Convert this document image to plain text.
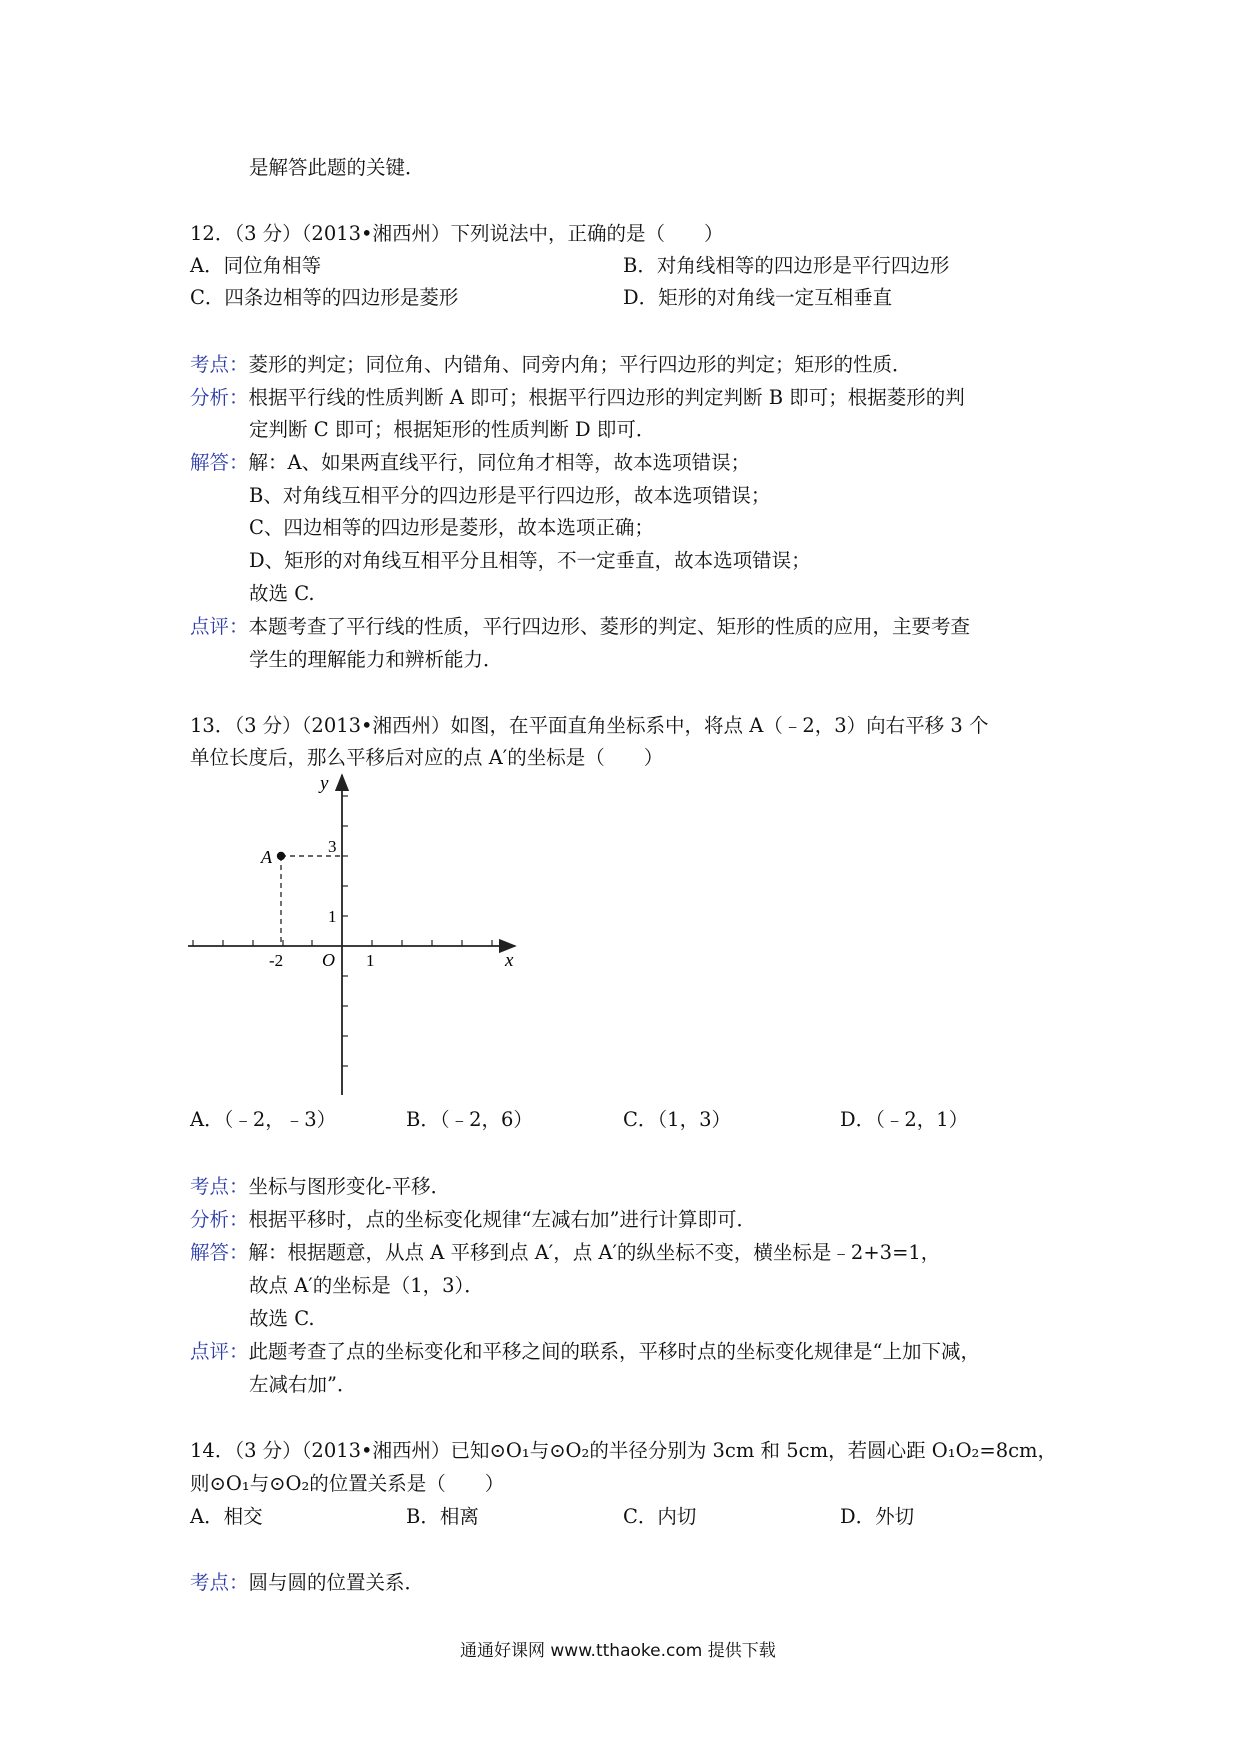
是解答此题的关键．
12．（3 分）（2013•湘西州）下列说法中，正确的是（　　）
A．同位角相等	B．对角线相等的四边形是平行四边形
C．四条边相等的四边形是菱形	D．矩形的对角线一定互相垂直
考点：菱形的判定；同位角、内错角、同旁内角；平行四边形的判定；矩形的性质．
分析：根据平行线的性质判断 A 即可；根据平行四边形的判定判断 B 即可；根据菱形的判
定判断 C 即可；根据矩形的性质判断 D 即可．
解答：解：A、如果两直线平行，同位角才相等，故本选项错误；
B、对角线互相平分的四边形是平行四边形，故本选项错误；
C、四边相等的四边形是菱形，故本选项正确；
D、矩形的对角线互相平分且相等，不一定垂直，故本选项错误；
故选 C.
点评：本题考查了平行线的性质，平行四边形、菱形的判定、矩形的性质的应用，主要考查
学生的理解能力和辨析能力．
13．（3 分）（2013•湘西州）如图，在平面直角坐标系中，将点 A（﹣2，3）向右平移 3 个
单位长度后，那么平移后对应的点 A′的坐标是（　　）
A
y
x
O
-2	1
1
3
A．（﹣2，﹣3）	B．（﹣2，6）	C．（1，3）	D．（﹣2，1）
考点：坐标与图形变化-平移．
分析：根据平移时，点的坐标变化规律“左减右加”进行计算即可．
解答：解：根据题意，从点 A 平移到点 A′，点 A′的纵坐标不变，横坐标是﹣2+3=1，
故点 A′的坐标是（1，3）．
故选 C.
点评：此题考查了点的坐标变化和平移之间的联系，平移时点的坐标变化规律是“上加下减，
左减右加”．
14．（3 分）（2013•湘西州）已知⊙O₁与⊙O₂的半径分别为 3cm 和 5cm，若圆心距 O₁O₂=8cm，
则⊙O₁与⊙O₂的位置关系是（　　）
A．相交	B．相离	C．内切	D．外切
考点：圆与圆的位置关系．
通通好课网 www.tthaoke.com 提供下载
